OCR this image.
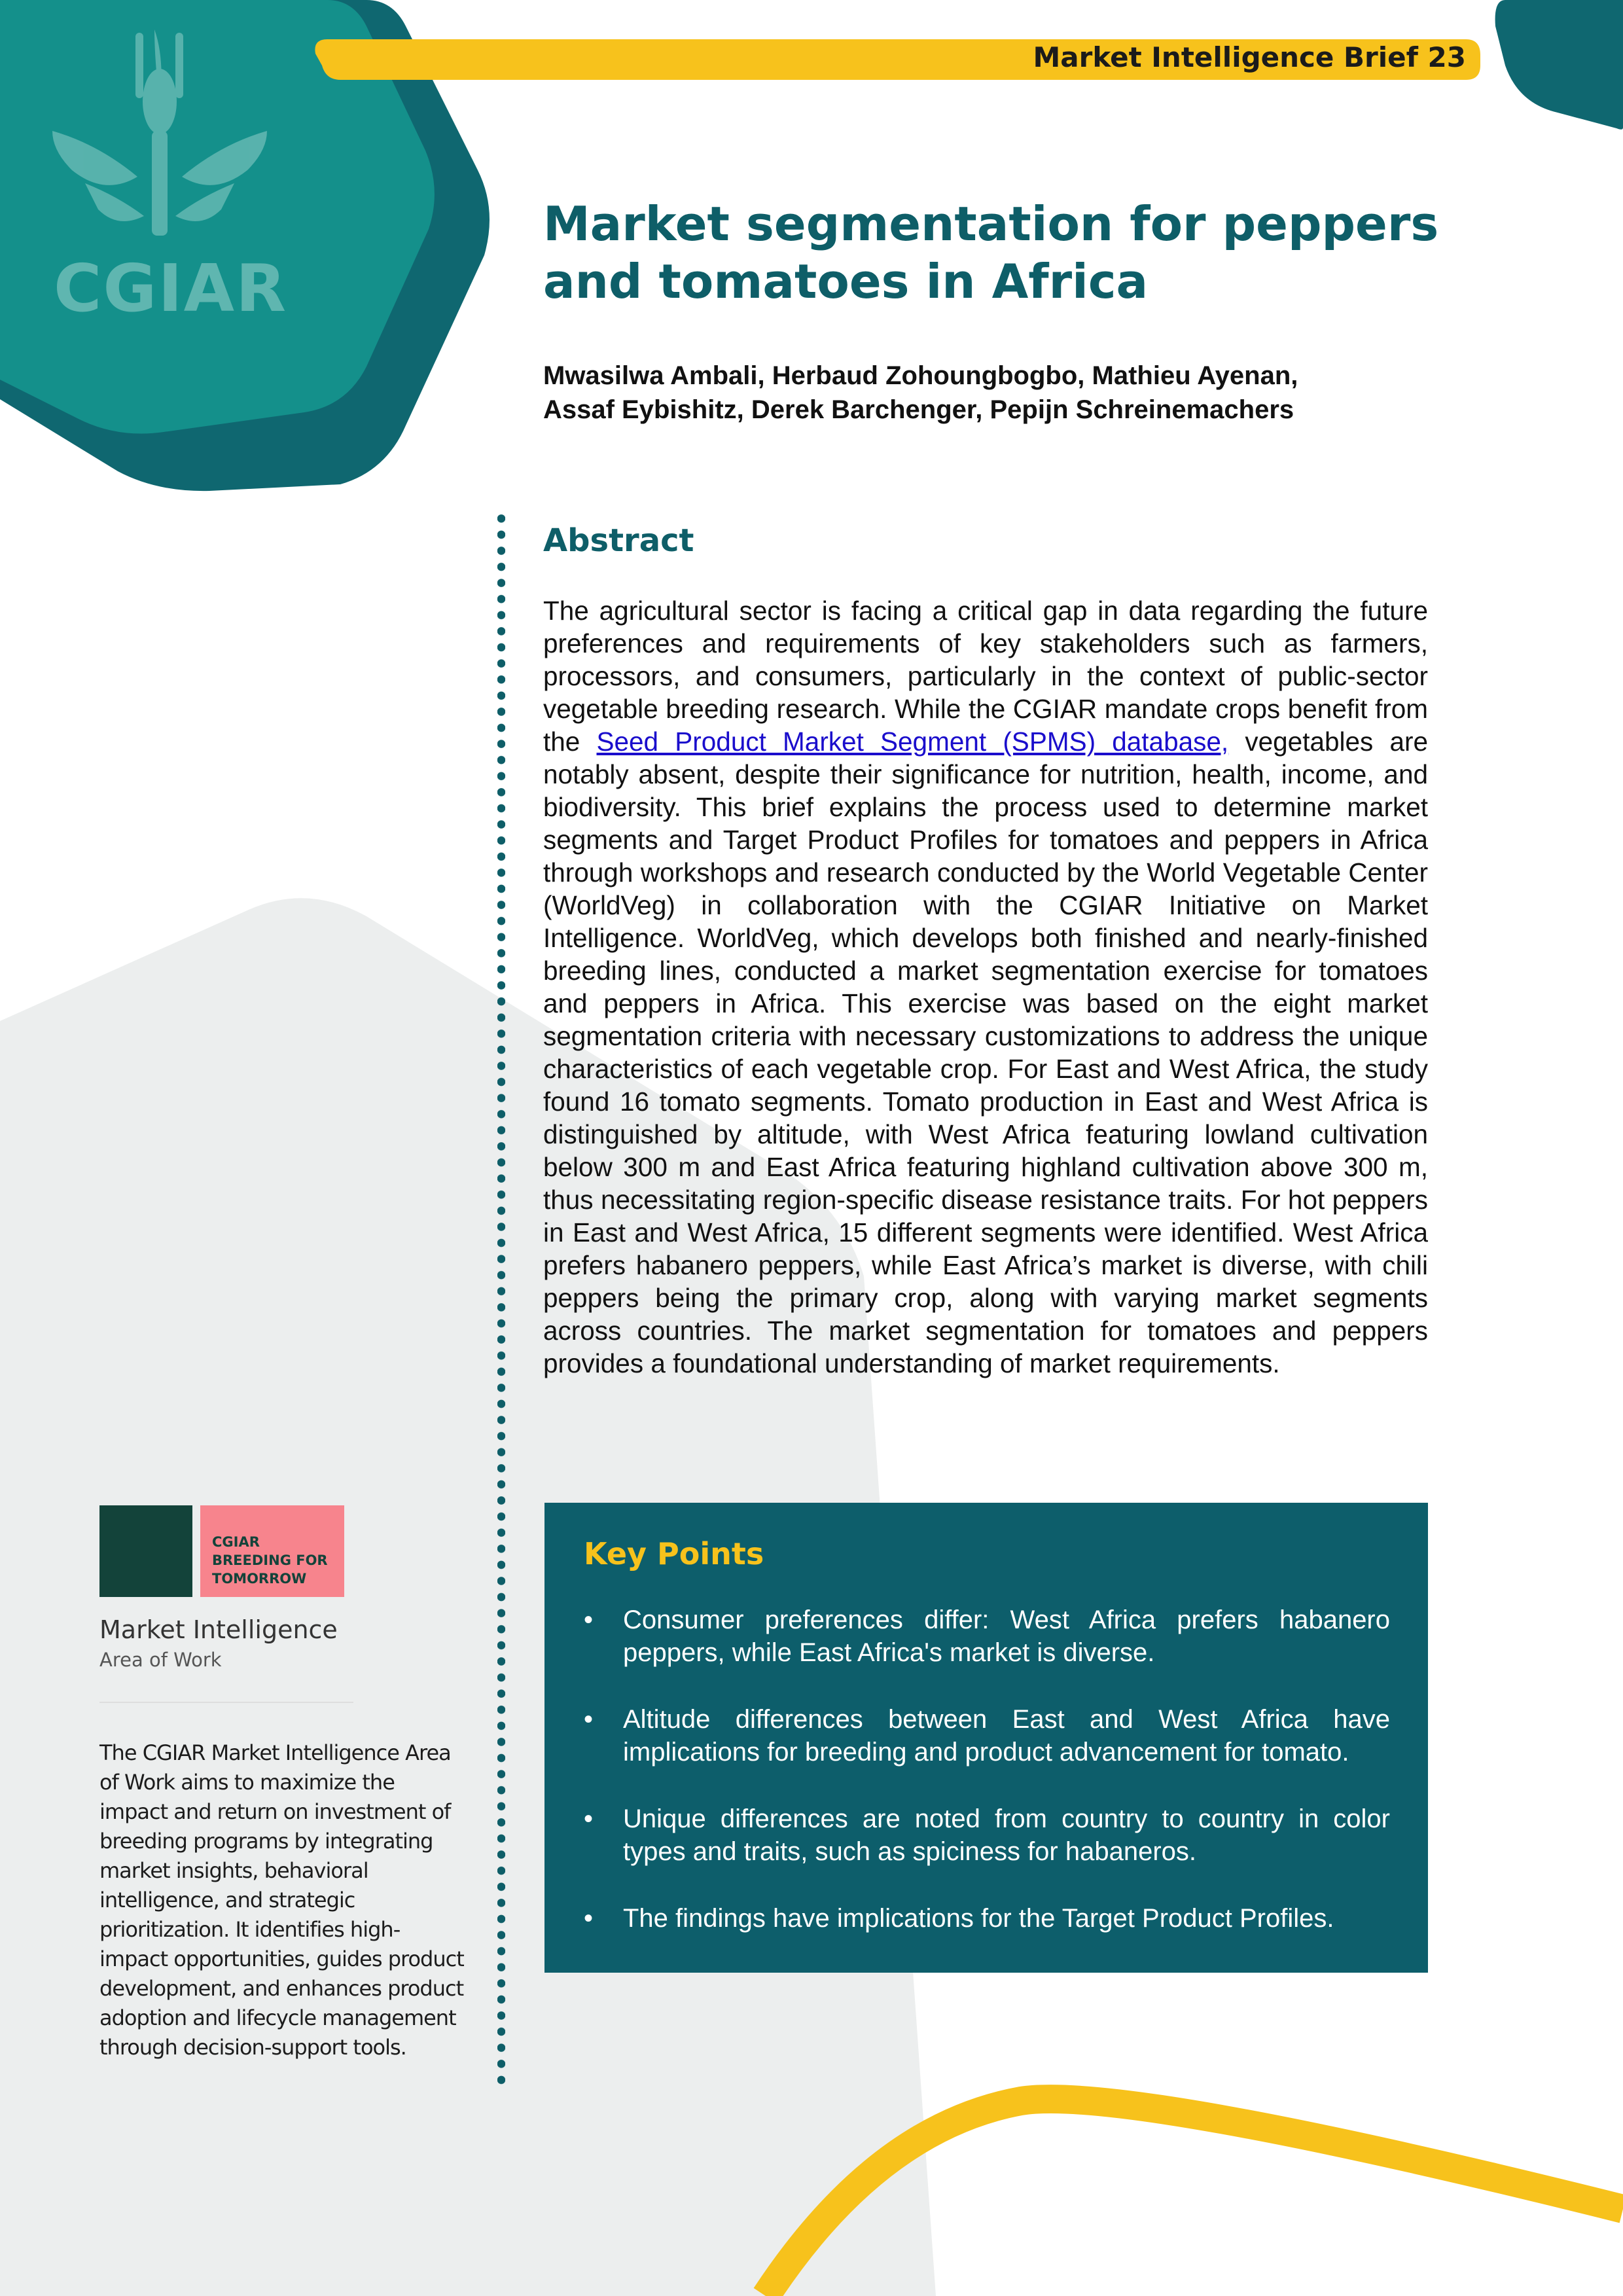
CGIAR
Market Intelligence Brief 23
Market segmentation for peppers and tomatoes in Africa
Mwasilwa Ambali, Herbaud Zohoungbogbo, Mathieu Ayenan,
Assaf Eybishitz, Derek Barchenger, Pepijn Schreinemachers
Abstract

The agricultural sector is facing a critical gap in data regarding the future preferences and requirements of key stakeholders such as farmers, processors, and consumers, particularly in the context of public-sector vegetable breeding research. While the CGIAR mandate crops benefit from the Seed Product Market Segment (SPMS) database, vegetables are notably absent, despite their significance for nutrition, health, income, and biodiversity. This brief explains the process used to determine market segments and Target Product Profiles for tomatoes and peppers in Africa through workshops and research conducted by the World Vegetable Center (WorldVeg) in collaboration with the CGIAR Initiative on Market Intelligence. WorldVeg, which develops both finished and nearly-finished breeding lines, conducted a market segmentation exercise for tomatoes and peppers in Africa. This exercise was based on the eight market segmentation criteria with necessary customizations to address the unique characteristics of each vegetable crop. For East and West Africa, the study found 16 tomato segments. Tomato production in East and West Africa is distinguished by altitude, with West Africa featuring lowland cultivation below 300 m and East Africa featuring highland cultivation above 300 m, thus necessitating region-specific disease resistance traits. For hot peppers in East and West Africa, 15 different segments were identified. West Africa prefers habanero peppers, while East Africa’s market is diverse, with chili peppers being the primary crop, along with varying market segments across countries. The market segmentation for tomatoes and peppers provides a foundational understanding of market requirements.

Key Points
• Consumer preferences differ: West Africa prefers habanero peppers, while East Africa's market is diverse.
• Altitude differences between East and West Africa have implications for breeding and product advancement for tomato.
• Unique differences are noted from country to country in color types and traits, such as spiciness for habaneros.
• The findings have implications for the Target Product Profiles.
CGIAR
BREEDING FOR
TOMORROW
Market Intelligence
Area of Work

The CGIAR Market Intelligence Area of Work aims to maximize the impact and return on investment of breeding programs by integrating market insights, behavioral intelligence, and strategic prioritization. It identifies high-impact opportunities, guides product development, and enhances product adoption and lifecycle management through decision-support tools.
